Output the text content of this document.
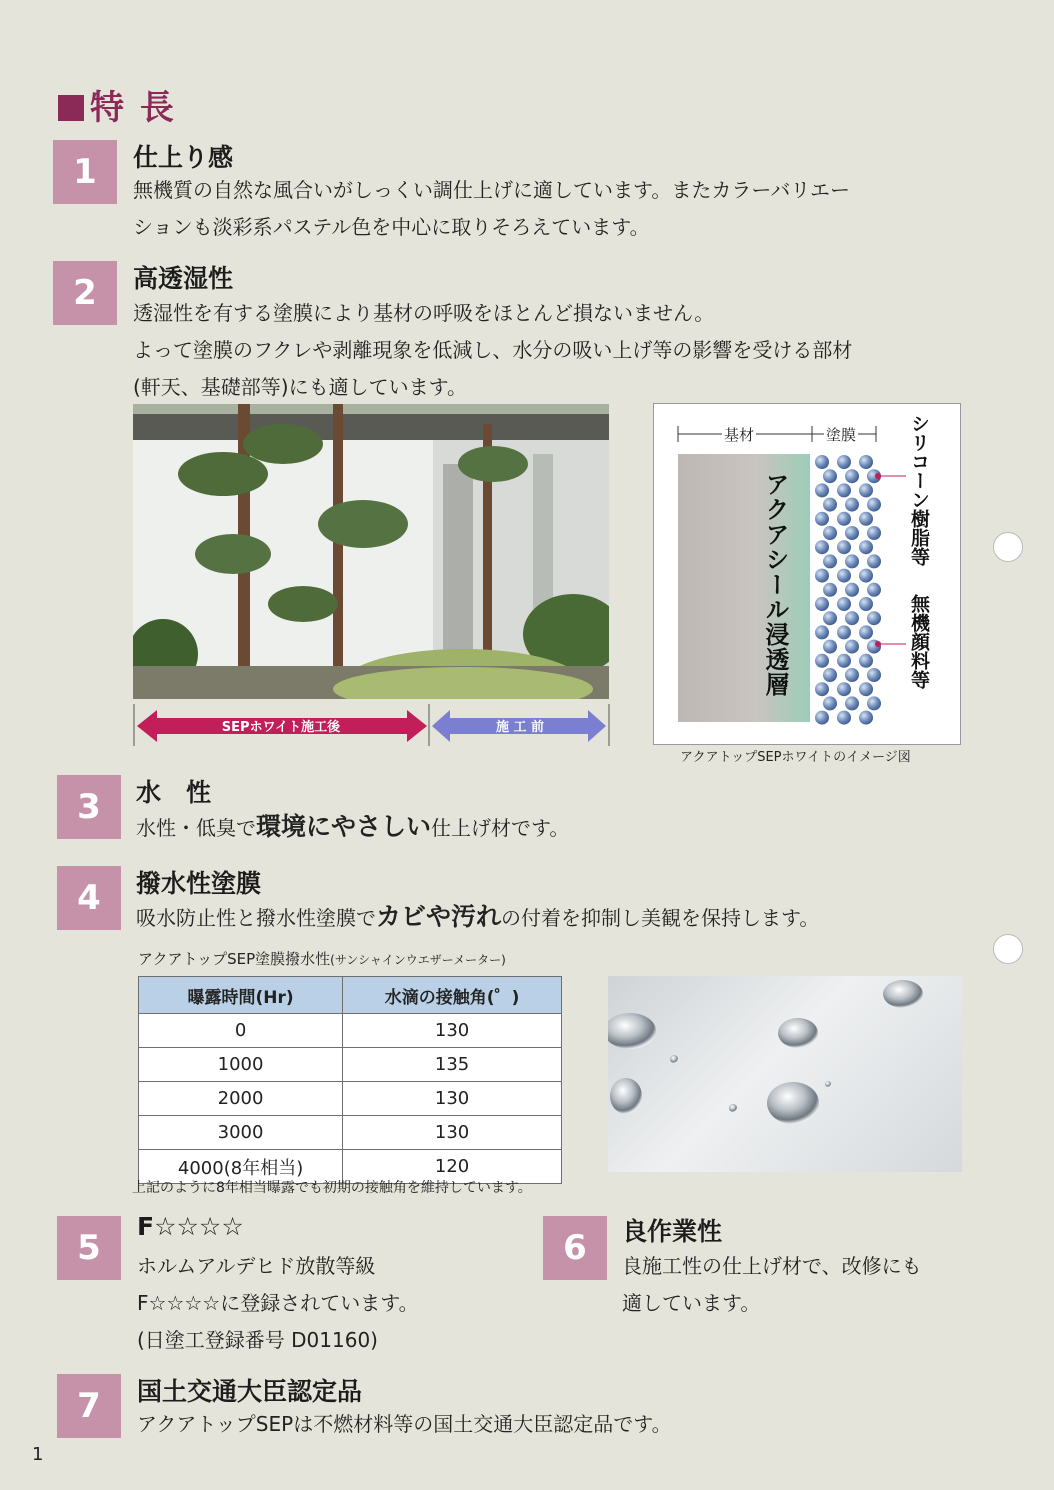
特 長
1	仕上り感
無機質の自然な風合いがしっくい調仕上げに適しています。またカラーバリエー
ションも淡彩系パステル色を中心に取りそろえています。
2	高透湿性
透湿性を有する塗膜により基材の呼吸をほとんど損ないません。
よって塗膜のフクレや剥離現象を低減し、水分の吸い上げ等の影響を受ける部材
(軒天、基礎部等)にも適しています。
SEPホワイト施工後	施 工 前
基材	塗膜
アクアシール浸透層	シリコーン樹脂等
無機顔料等
アクアトップSEPホワイトのイメージ図
3	水　性
水性・低臭で環境にやさしい仕上げ材です。
4	撥水性塗膜
吸水防止性と撥水性塗膜でカビや汚れの付着を抑制し美観を保持します。
アクアトップSEP塗膜撥水性(サンシャインウエザーメーター)
曝露時間(Hr)	水滴の接触角(゜)
0	130
1000	135
2000	130
3000	130
4000(8年相当)	120
上記のように8年相当曝露でも初期の接触角を維持しています。
5
F☆☆☆☆
ホルムアルデヒド放散等級
F☆☆☆☆に登録されています。
(日塗工登録番号 D01160)
6	良作業性
良施工性の仕上げ材で、改修にも
適しています。
7	国土交通大臣認定品
アクアトップSEPは不燃材料等の国土交通大臣認定品です。
1
